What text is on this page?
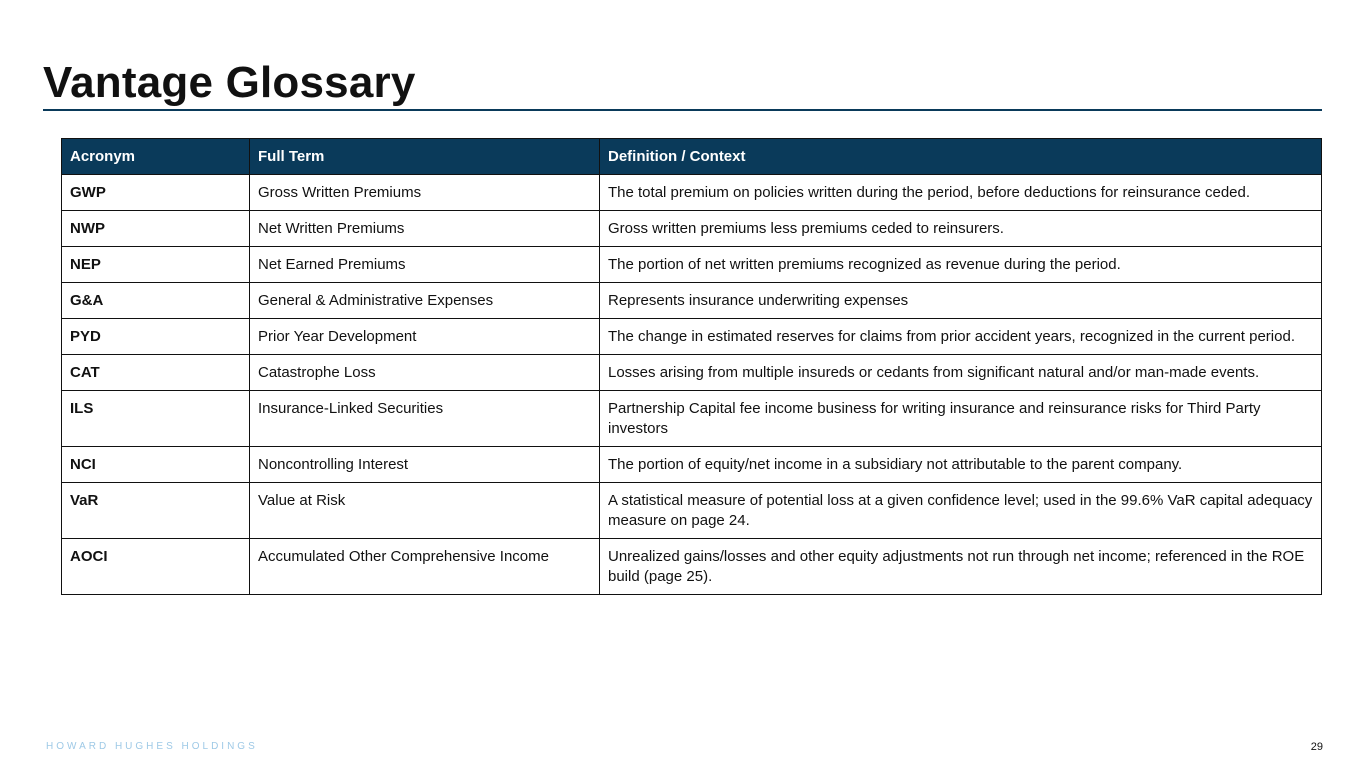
Vantage Glossary
Acronym	Full Term	Definition / Context
GWP	Gross Written Premiums	The total premium on policies written during the period, before deductions for reinsurance ceded.
NWP	Net Written Premiums	Gross written premiums less premiums ceded to reinsurers.
NEP	Net Earned Premiums	The portion of net written premiums recognized as revenue during the period.
G&A	General & Administrative Expenses	Represents insurance underwriting expenses
PYD	Prior Year Development	The change in estimated reserves for claims from prior accident years, recognized in the current period.
CAT	Catastrophe Loss	Losses arising from multiple insureds or cedants from significant natural and/or man-made events.
ILS	Insurance-Linked Securities	Partnership Capital fee income business for writing insurance and reinsurance risks for Third Party investors
NCI	Noncontrolling Interest	The portion of equity/net income in a subsidiary not attributable to the parent company.
VaR	Value at Risk	A statistical measure of potential loss at a given confidence level; used in the 99.6% VaR capital adequacy measure on page 24.
AOCI	Accumulated Other Comprehensive Income	Unrealized gains/losses and other equity adjustments not run through net income; referenced in the ROE build (page 25).
HOWARD HUGHES HOLDINGS	29
